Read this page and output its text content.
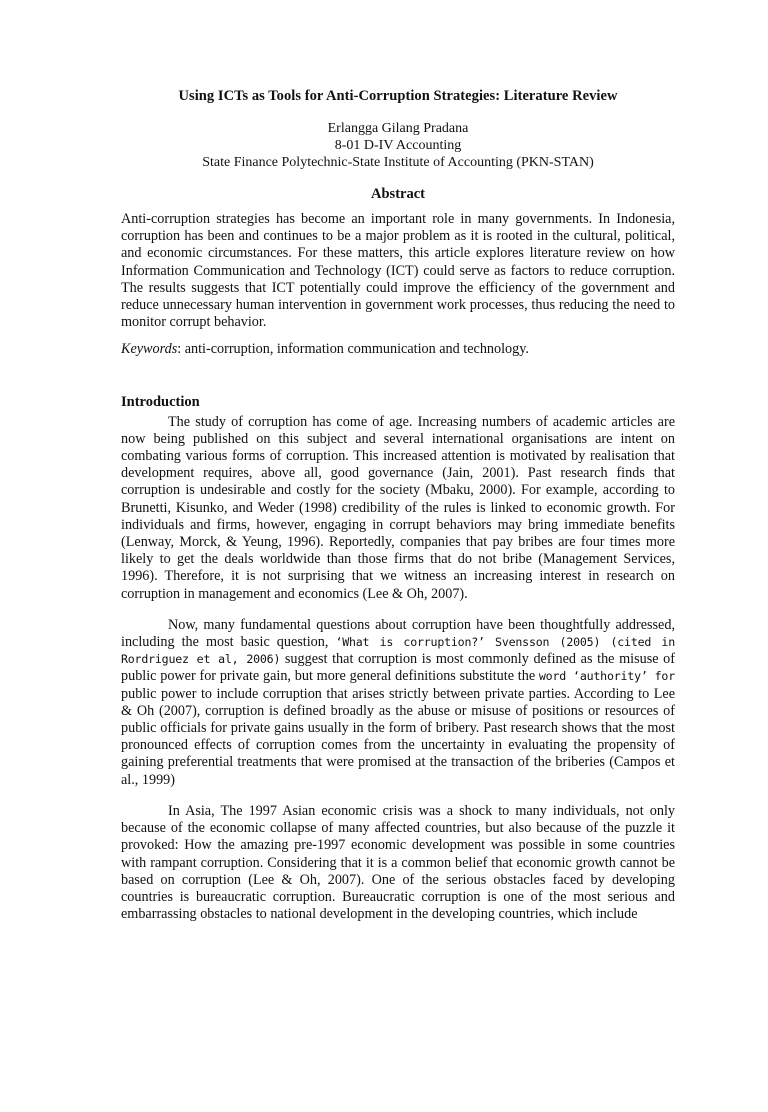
Using ICTs as Tools for Anti-Corruption Strategies: Literature Review
Erlangga Gilang Pradana
8-01 D-IV Accounting
State Finance Polytechnic-State Institute of Accounting (PKN-STAN)
Abstract

Anti-corruption strategies has become an important role in many governments. In Indonesia, corruption has been and continues to be a major problem as it is rooted in the cultural, political, and economic circumstances. For these matters, this article explores literature review on how Information Communication and Technology (ICT) could serve as factors to reduce corruption. The results suggests that ICT potentially could improve the efficiency of the government and reduce unnecessary human intervention in government work processes, thus reducing the need to monitor corrupt behavior.

Keywords: anti-corruption, information communication and technology.

Introduction

The study of corruption has come of age. Increasing numbers of academic articles are now being published on this subject and several international organisations are intent on combating various forms of corruption. This increased attention is motivated by realisation that development requires, above all, good governance (Jain, 2001). Past research finds that corruption is undesirable and costly for the society (Mbaku, 2000). For example, according to Brunetti, Kisunko, and Weder (1998) credibility of the rules is linked to economic growth. For individuals and firms, however, engaging in corrupt behaviors may bring immediate benefits (Lenway, Morck, & Yeung, 1996). Reportedly, companies that pay bribes are four times more likely to get the deals worldwide than those firms that do not bribe (Management Services, 1996). Therefore, it is not surprising that we witness an increasing interest in research on corruption in management and economics (Lee & Oh, 2007).

Now, many fundamental questions about corruption have been thoughtfully addressed, including the most basic question, ‘What is corruption?’ Svensson (2005) (cited in Rordriguez et al, 2006) suggest that corruption is most commonly defined as the misuse of public power for private gain, but more general definitions substitute the word ‘authority’ for public power to include corruption that arises strictly between private parties. According to Lee & Oh (2007), corruption is defined broadly as the abuse or misuse of positions or resources of public officials for private gains usually in the form of bribery. Past research shows that the most pronounced effects of corruption comes from the uncertainty in evaluating the propensity of gaining preferential treatments that were promised at the transaction of the briberies (Campos et al., 1999)

In Asia, The 1997 Asian economic crisis was a shock to many individuals, not only because of the economic collapse of many affected countries, but also because of the puzzle it provoked: How the amazing pre-1997 economic development was possible in some countries with rampant corruption. Considering that it is a common belief that economic growth cannot be based on corruption (Lee & Oh, 2007). One of the serious obstacles faced by developing countries is bureaucratic corruption. Bureaucratic corruption is one of the most serious and embarrassing obstacles to national development in the developing countries, which include
